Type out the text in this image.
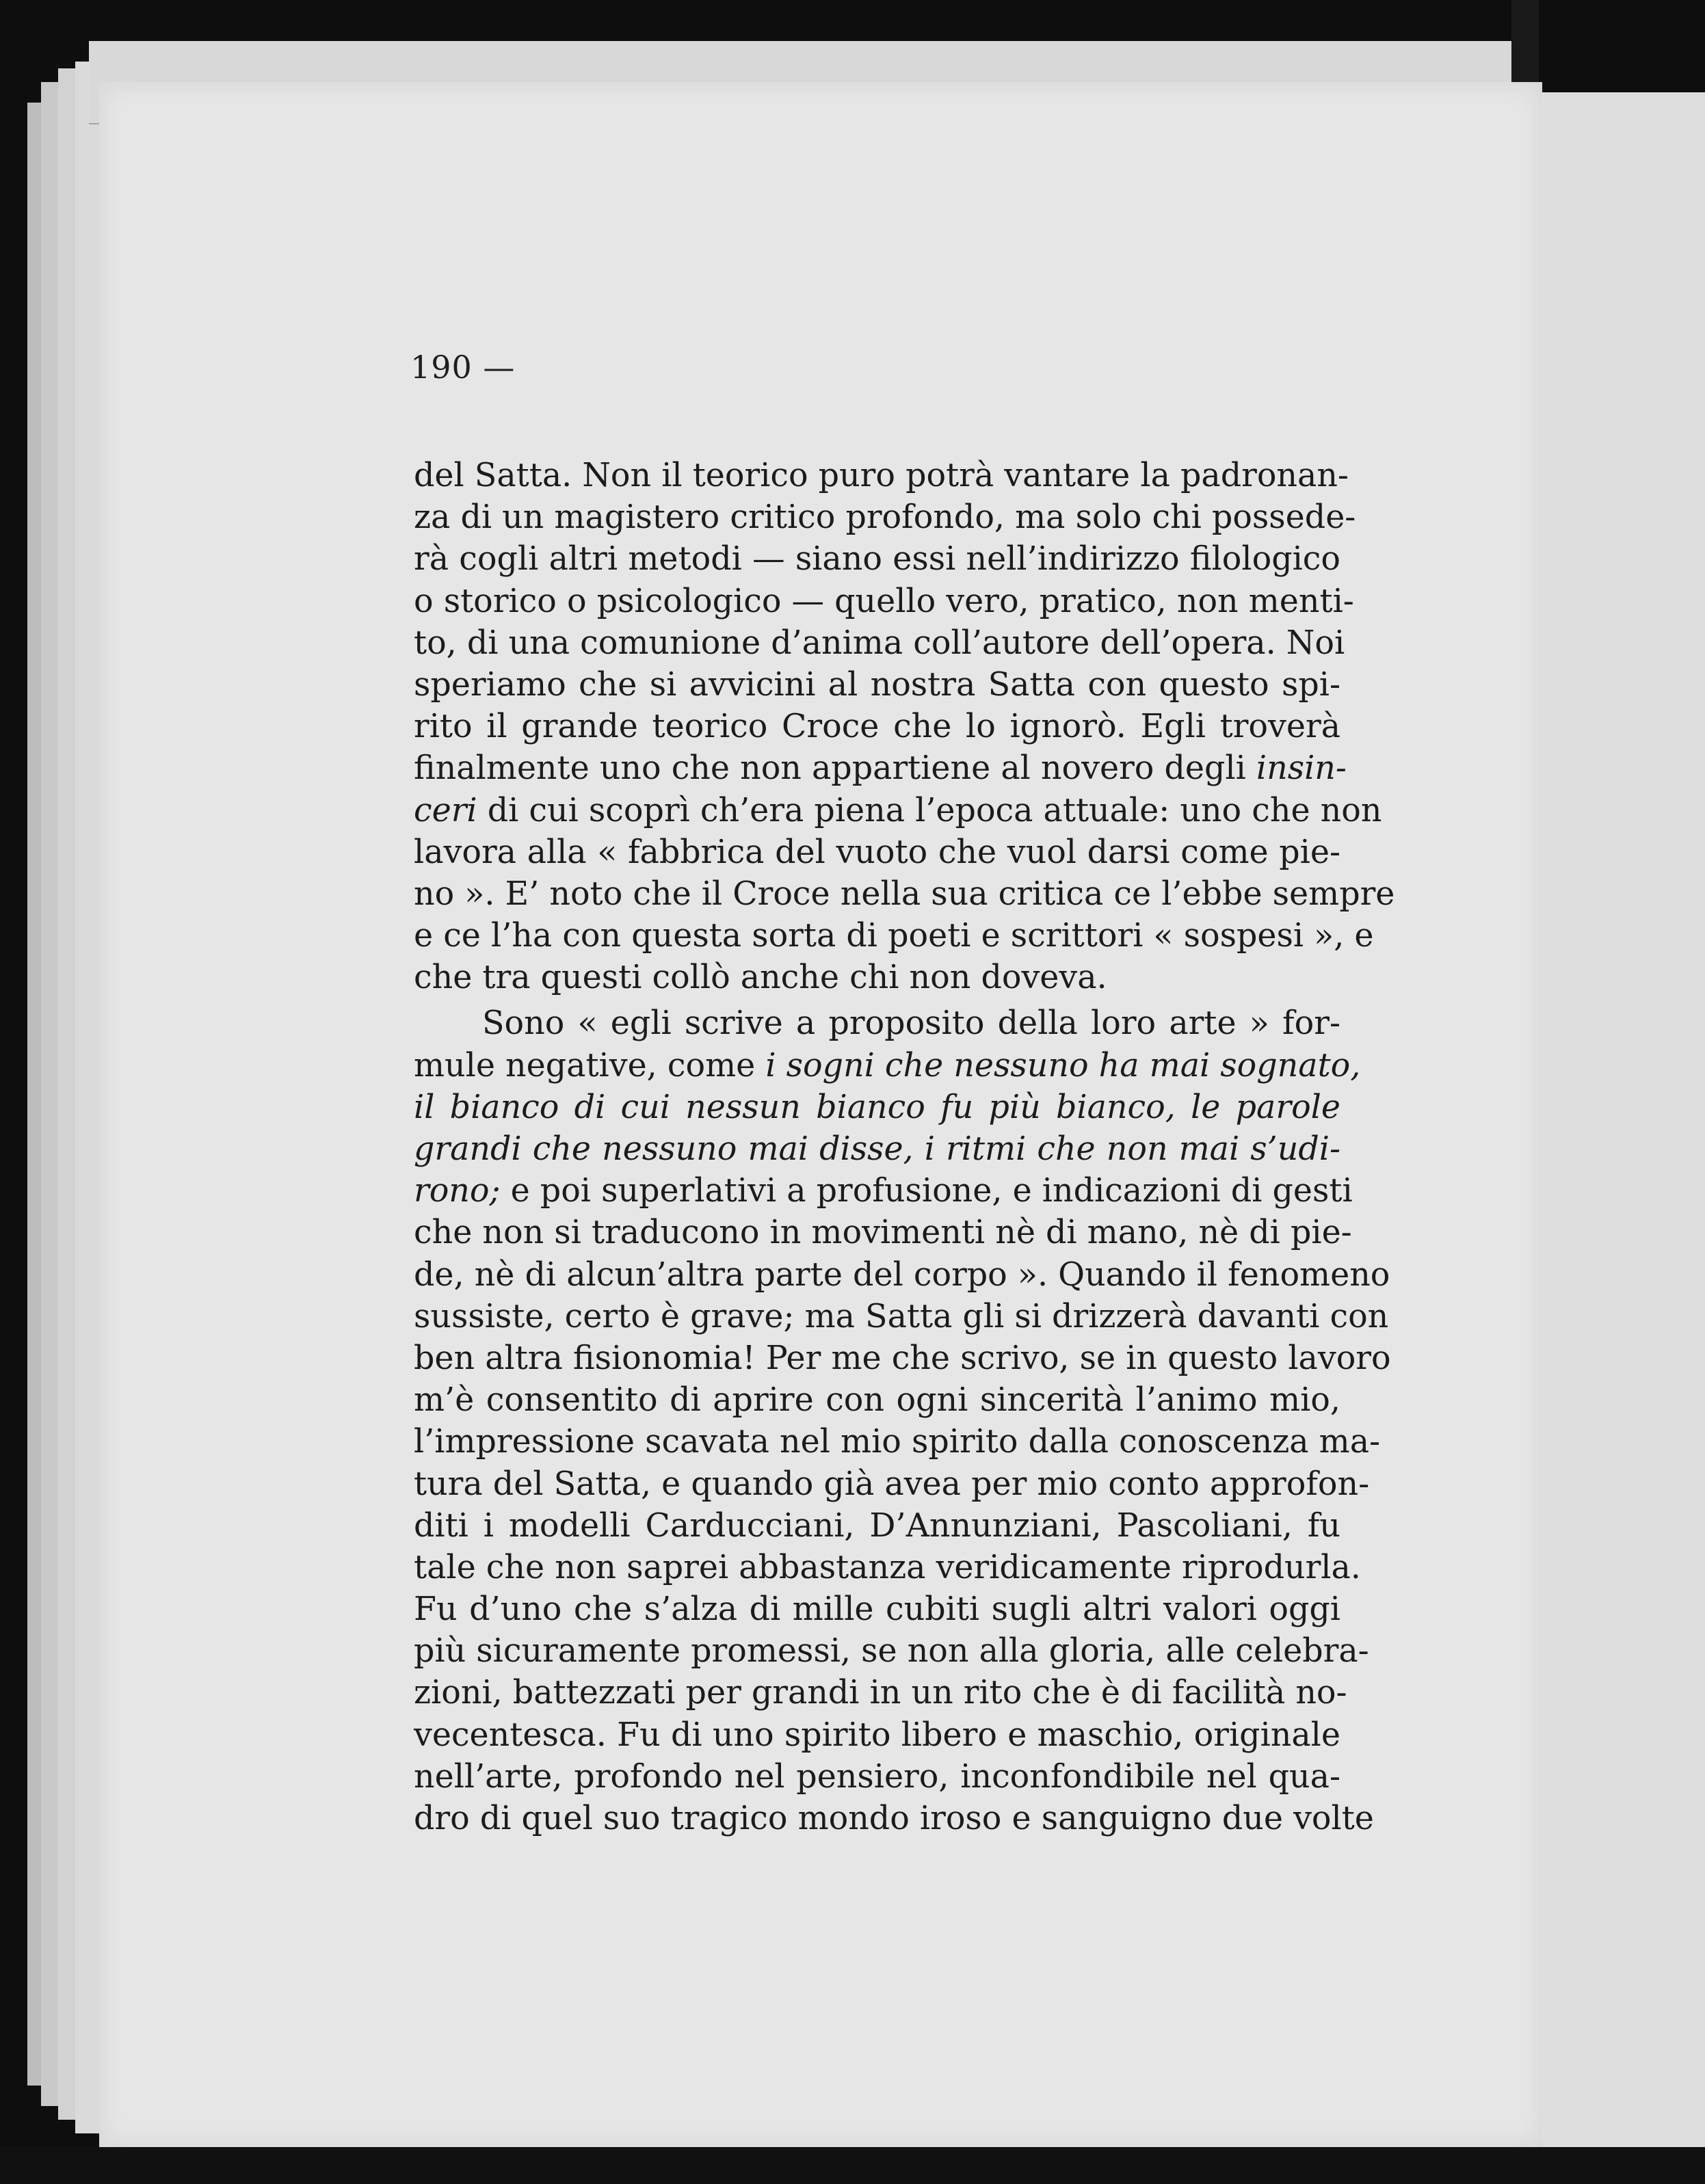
190 —
del Satta. Non il teorico puro potrà vantare la padronan-
za di un magistero critico profondo, ma solo chi possede-
rà cogli altri metodi — siano essi nell’indirizzo filologico
o storico o psicologico — quello vero, pratico, non menti-
to, di una comunione d’anima coll’autore dell’opera. Noi
speriamo che si avvicini al nostra Satta con questo spi-
rito il grande teorico Croce che lo ignorò. Egli troverà
finalmente uno che non appartiene al novero degli insin-
ceri di cui scoprì ch’era piena l’epoca attuale: uno che non
lavora alla « fabbrica del vuoto che vuol darsi come pie-
no ». E’ noto che il Croce nella sua critica ce l’ebbe sempre
e ce l’ha con questa sorta di poeti e scrittori « sospesi », e
che tra questi collò anche chi non doveva.
Sono « egli scrive a proposito della loro arte » for-
mule negative, come i sogni che nessuno ha mai sognato,
il bianco di cui nessun bianco fu più bianco, le parole
grandi che nessuno mai disse, i ritmi che non mai s’udi-
rono; e poi superlativi a profusione, e indicazioni di gesti
che non si traducono in movimenti nè di mano, nè di pie-
de, nè di alcun’altra parte del corpo ». Quando il fenomeno
sussiste, certo è grave; ma Satta gli si drizzerà davanti con
ben altra fisionomia! Per me che scrivo, se in questo lavoro
m’è consentito di aprire con ogni sincerità l’animo mio,
l’impressione scavata nel mio spirito dalla conoscenza ma-
tura del Satta, e quando già avea per mio conto approfon-
diti i modelli Carducciani, D’Annunziani, Pascoliani, fu
tale che non saprei abbastanza veridicamente riprodurla.
Fu d’uno che s’alza di mille cubiti sugli altri valori oggi
più sicuramente promessi, se non alla gloria, alle celebra-
zioni, battezzati per grandi in un rito che è di facilità no-
vecentesca. Fu di uno spirito libero e maschio, originale
nell’arte, profondo nel pensiero, inconfondibile nel qua-
dro di quel suo tragico mondo iroso e sanguigno due volte
